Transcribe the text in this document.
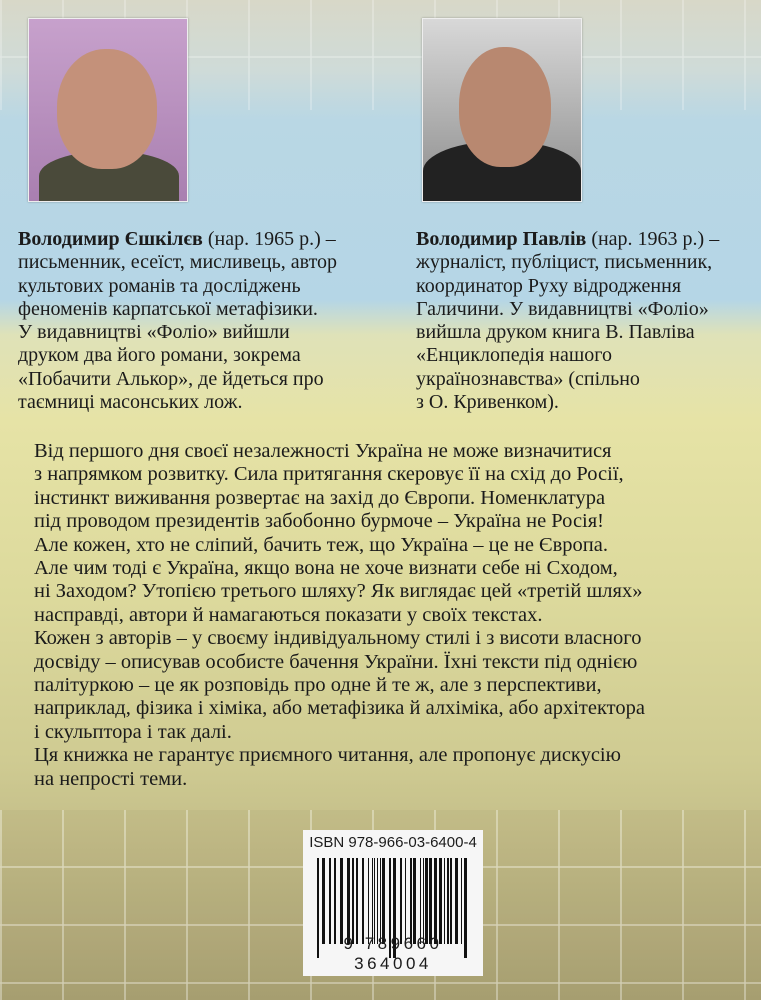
Володимир Єшкілєв (нар. 1965 р.) –
письменник, есеїст, мисливець, автор
культових романів та досліджень
феноменів карпатської метафізики.
У видавництві «Фоліо» вийшли
друком два його романи, зокрема
«Побачити Алькор», де йдеться про
таємниці масонських лож.
Володимир Павлів (нар. 1963 р.) –
журналіст, публіцист, письменник,
координатор Руху відродження
Галичини. У видавництві «Фоліо»
вийшла друком книга В. Павліва
«Енциклопедія нашого
українознавства» (спільно
з О. Кривенком).
Від першого дня своєї незалежності Україна не може визначитися
з напрямком розвитку. Сила притягання скеровує її на схід до Росії,
інстинкт виживання розвертає на захід до Європи. Номенклатура
під проводом президентів забобонно бурмоче – Україна не Росія!
Але кожен, хто не сліпий, бачить теж, що Україна – це не Європа.
Але чим тоді є Україна, якщо вона не хоче визнати себе ні Сходом,
ні Заходом? Утопією третього шляху? Як виглядає цей «третій шлях»
насправді, автори й намагаються показати у своїх текстах.
Кожен з авторів – у своєму індивідуальному стилі і з висоти власного
досвіду – описував особисте бачення України. Їхні тексти під однією
палітуркою – це як розповідь про одне й те ж, але з перспективи,
наприклад, фізика і хіміка, або метафізика й алхіміка, або архітектора
і скульптора і так далі.
Ця книжка не гарантує приємного читання, але пропонує дискусію
на непрості теми.
ISBN 978-966-03-6400-4
9 789660 364004
